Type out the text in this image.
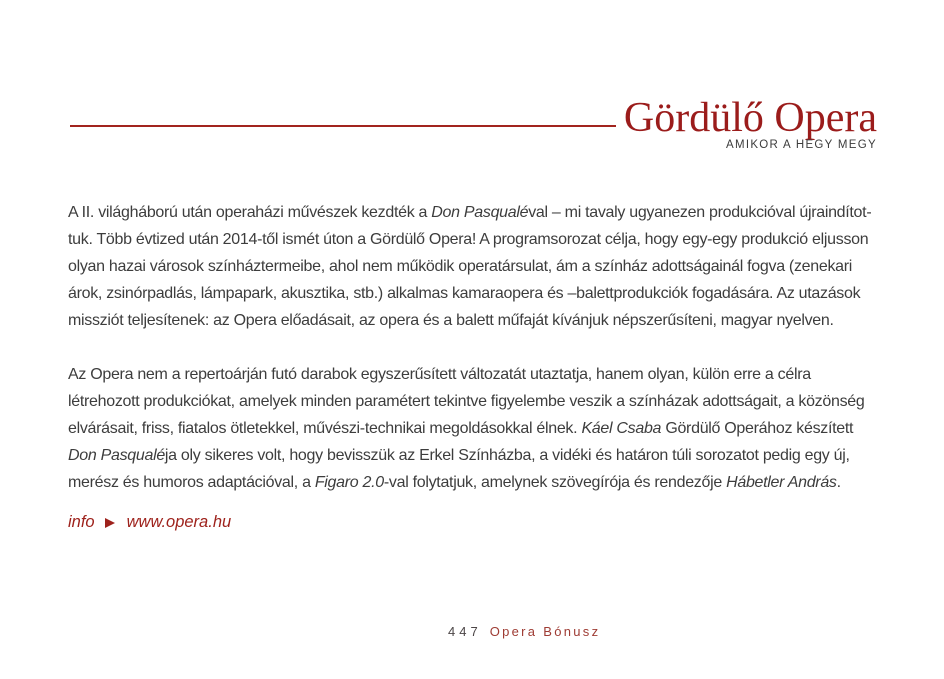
Gördülő Opera
AMIKOR A HEGY MEGY

A II. világháború után operaházi művészek kezdték a Don Pasqualéval – mi tavaly ugyanezen produkcióval újraindítottuk. Több évtized után 2014-től ismét úton a Gördülő Opera! A programsorozat célja, hogy egy-egy produkció eljusson olyan hazai városok színháztermeibe, ahol nem működik operatársulat, ám a színház adottságainál fogva (zenekari árok, zsinórpadlás, lámpapark, akusztika, stb.) alkalmas kamaraopera és –balettprodukciók fogadására. Az utazások missziót teljesítenek: az Opera előadásait, az opera és a balett műfaját kívánjuk népszerűsíteni, magyar nyelven.

Az Opera nem a repertoárján futó darabok egyszerűsített változatát utaztatja, hanem olyan, külön erre a célra létrehozott produkciókat, amelyek minden paramétert tekintve figyelembe veszik a színházak adottságait, a közönség elvárásait, friss, fiatalos ötletekkel, művészi-technikai megoldásokkal élnek. Káel Csaba Gördülő Operához készített Don Pasqualéja oly sikeres volt, hogy bevisszük az Erkel Színházba, a vidéki és határon túli sorozatot pedig egy új, merész és humoros adaptációval, a Figaro 2.0-val folytatjuk, amelynek szövegírója és rendezője Hábetler András.

info www.opera.hu
447 Opera Bónusz
